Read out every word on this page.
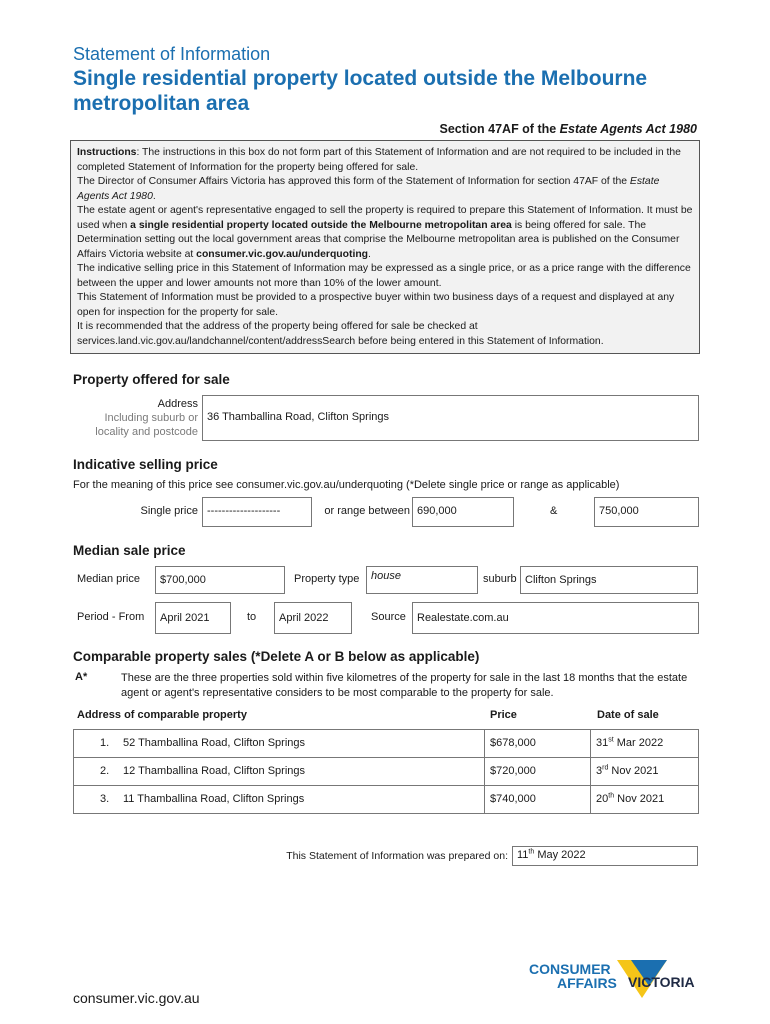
Statement of Information
Single residential property located outside the Melbourne metropolitan area
Section 47AF of the Estate Agents Act 1980

Instructions: The instructions in this box do not form part of this Statement of Information and are not required to be included in the completed Statement of Information for the property being offered for sale.

The Director of Consumer Affairs Victoria has approved this form of the Statement of Information for section 47AF of the Estate Agents Act 1980.

The estate agent or agent's representative engaged to sell the property is required to prepare this Statement of Information. It must be used when a single residential property located outside the Melbourne metropolitan area is being offered for sale. The Determination setting out the local government areas that comprise the Melbourne metropolitan area is published on the Consumer Affairs Victoria website at consumer.vic.gov.au/underquoting.

The indicative selling price in this Statement of Information may be expressed as a single price, or as a price range with the difference between the upper and lower amounts not more than 10% of the lower amount.

This Statement of Information must be provided to a prospective buyer within two business days of a request and displayed at any open for inspection for the property for sale.

It is recommended that the address of the property being offered for sale be checked at services.land.vic.gov.au/landchannel/content/addressSearch before being entered in this Statement of Information.

Property offered for sale
Address
Including suburb or
locality and postcode
36 Thamballina Road, Clifton Springs
Indicative selling price
For the meaning of this price see consumer.vic.gov.au/underquoting (*Delete single price or range as applicable)
Single price --------------------	or range between 690,000	&	750,000
Median sale price
Median price	$700,000	Property type	house	suburb Clifton Springs
Period - From	April 2021	to	April 2022	Source	Realestate.com.au
Comparable property sales (*Delete A or B below as applicable)
A*	These are the three properties sold within five kilometres of the property for sale in the last 18 months that the estate agent or agent's representative considers to be most comparable to the property for sale.
Address of comparable property	Price	Date of sale
1. 52 Thamballina Road, Clifton Springs	$678,000	31st Mar 2022
2. 12 Thamballina Road, Clifton Springs	$720,000	3rd Nov 2021
3. 11 Thamballina Road, Clifton Springs	$740,000	20th Nov 2021
This Statement of Information was prepared on: 11th May 2022
CONSUMER
AFFAIRS VICTORIA
consumer.vic.gov.au
